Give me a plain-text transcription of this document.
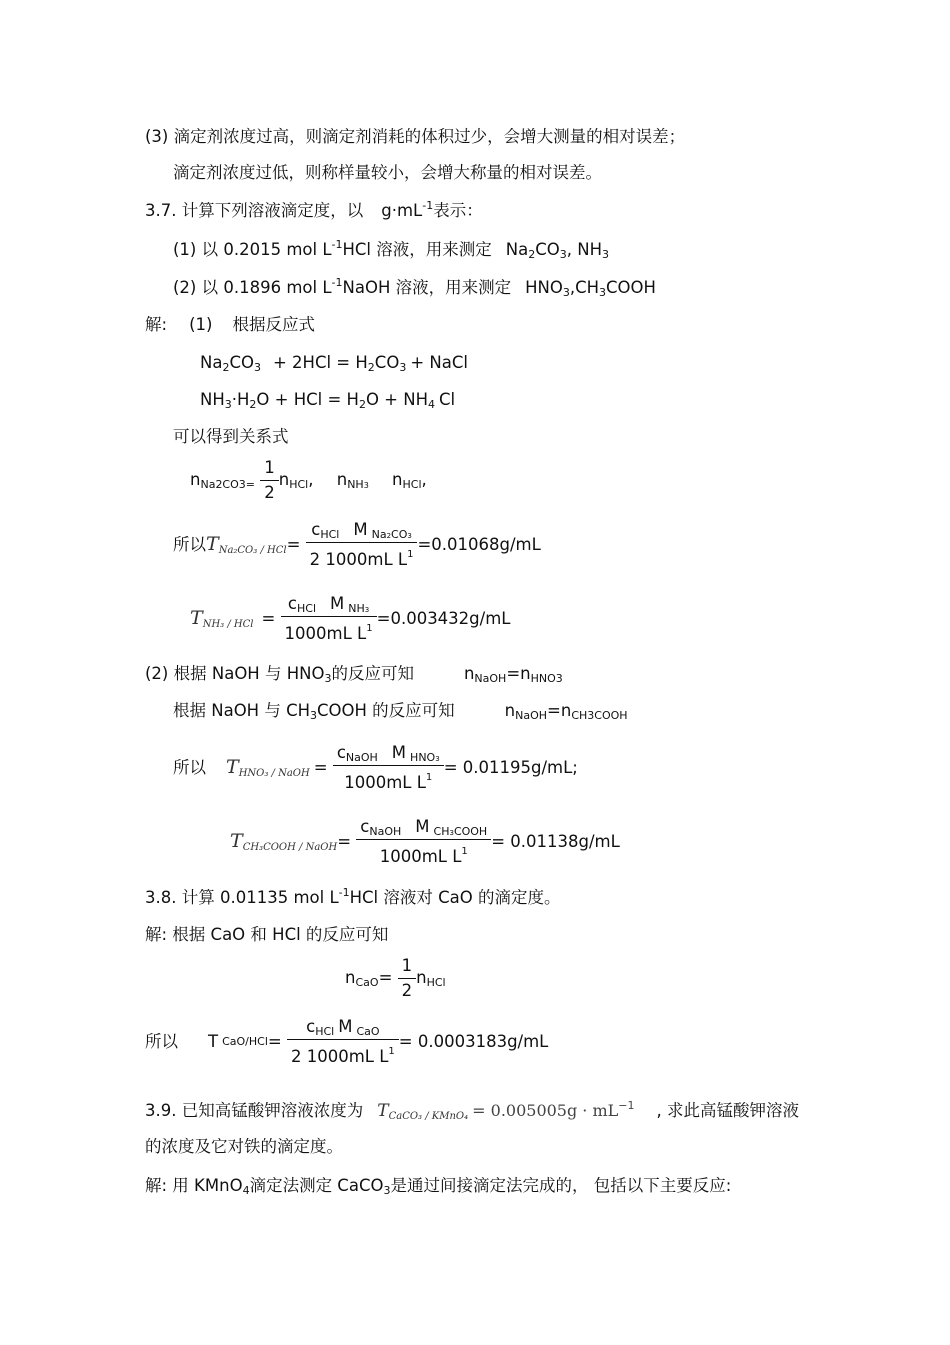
(3) 滴定剂浓度过高，则滴定剂消耗的体积过少，会增大测量的相对误差；
滴定剂浓度过低，则称样量较小，会增大称量的相对误差。
3.7. 计算下列溶液滴定度，以 $g\cdot mL^{-1}$表示：
(1) 以 0.2015 mol $L^{-1}HCl$ 溶液，用来测定 $Na_2CO_3$, $NH_3$
(2) 以 0.1896 mol $L^{-1}NaOH$ 溶液，用来测定 $HNO_3,CH_3COOH$
解: (1) 根据反应式
$Na_2CO_3 + 2HCl = H_2CO_3$ + NaCl
$NH_3\cdot H_2O$ + HCl = $H_2O + NH_4$ Cl
可以得到关系式
$nNa2CO3= \frac{1}{2}$ nHCl, nNH3 nHCl,
所以$TNa_2CO_3 / HCl= \frac{\text{cHCl M Na2CO3}}{2 1000mL L^1} =0.01068g/mL$
TNH₃ / HCl = $\frac{\text{cHCl M NH3}}{1000mL L^1} =0.003432g/mL$
(2) 根据 NaOH 与 $HNO_3$的反应可知	nNaOH=nHNO3
根据 NaOH 与 $CH_3COOH$ 的反应可知	nNaOH=nCH3COOH
所以 THNO₃ / NaOH = $\frac{\text{cNaOH M HNO3}}{1000mL L^1} = 0.01195g/mL$;
TCH₃COOH / NaOH= $\frac{\text{cNaOH M CH3COOH}}{1000mL L^1} = 0.01138g/mL$
3.8. 计算 0.01135 mol $L^{-1}HCl$ 溶液对 CaO 的滴定度。
解: 根据 CaO 和 HCl 的反应可知
nCaO= $\frac{1}{2}$ nHCl
所以 T $CaO/HCl= \frac{\text{cHCl M CaO}}{2 1000mL L^1} = 0.0003183g/mL$
3.9. 已知高锰酸钾溶液浓度为 TCaCO₃ / KMnO₄ = $0.005005g \cdot mL^{-1}$ , 求此高锰酸钾溶液
的浓度及它对铁的滴定度。
解: 用 KMnO$_4$滴定法测定 CaCO$_3$是通过间接滴定法完成的， 包括以下主要反应:
